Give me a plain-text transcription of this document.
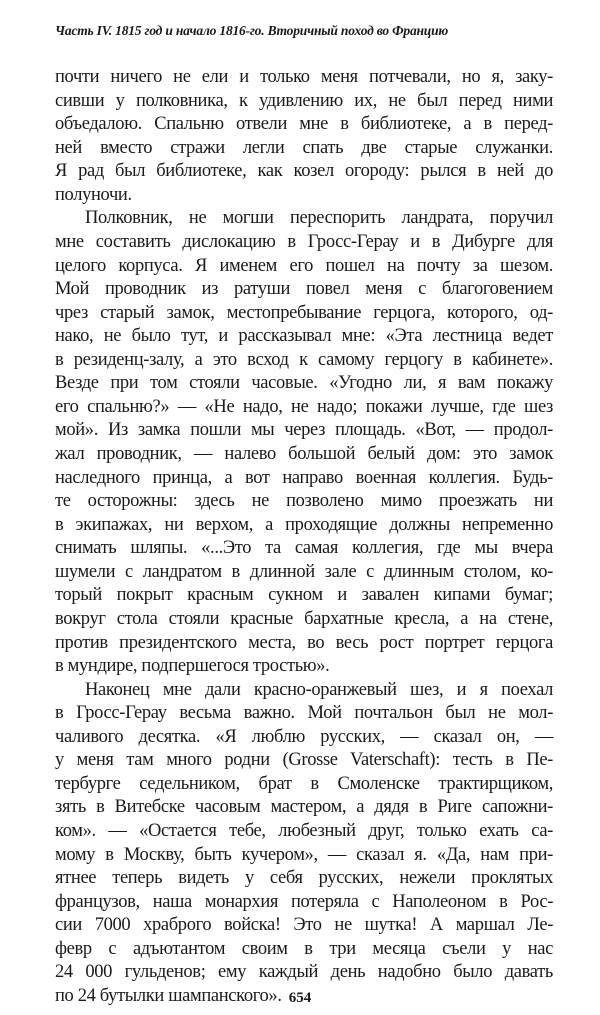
Часть IV. 1815 год и начало 1816-го. Вторичный поход во Францию
почти ничего не ели и только меня потчевали, но я, заку-
сивши у полковника, к удивлению их, не был перед ними
объедалою. Спальню отвели мне в библиотеке, а в перед-
ней вместо стражи легли спать две старые служанки.
Я рад был библиотеке, как козел огороду: рылся в ней до
полуночи.
Полковник, не могши переспорить ландрата, поручил
мне составить дислокацию в Гросс-Герау и в Дибурге для
целого корпуса. Я именем его пошел на почту за шезом.
Мой проводник из ратуши повел меня с благоговением
чрез старый замок, местопребывание герцога, которого, од-
нако, не было тут, и рассказывал мне: «Эта лестница ведет
в резиденц-залу, а это всход к самому герцогу в кабинете».
Везде при том стояли часовые. «Угодно ли, я вам покажу
его спальню?» — «Не надо, не надо; покажи лучше, где шез
мой». Из замка пошли мы через площадь. «Вот, — продол-
жал проводник, — налево большой белый дом: это замок
наследного принца, а вот направо военная коллегия. Будь-
те осторожны: здесь не позволено мимо проезжать ни
в экипажах, ни верхом, а проходящие должны непременно
снимать шляпы. «...Это та самая коллегия, где мы вчера
шумели с ландратом в длинной зале с длинным столом, ко-
торый покрыт красным сукном и завален кипами бумаг;
вокруг стола стояли красные бархатные кресла, а на стене,
против президентского места, во весь рост портрет герцога
в мундире, подпершегося тростью».
Наконец мне дали красно-оранжевый шез, и я поехал
в Гросс-Герау весьма важно. Мой почтальон был не мол-
чаливого десятка. «Я люблю русских, — сказал он, —
у меня там много родни (Grosse Vaterschaft): тесть в Пе-
тербурге седельником, брат в Смоленске трактирщиком,
зять в Витебске часовым мастером, а дядя в Риге сапожни-
ком». — «Остается тебе, любезный друг, только ехать са-
мому в Москву, быть кучером», — сказал я. «Да, нам при-
ятнее теперь видеть у себя русских, нежели проклятых
французов, наша монархия потеряла с Наполеоном в Рос-
сии 7000 храброго войска! Это не шутка! А маршал Ле-
февр с адъютантом своим в три месяца съели у нас
24 000 гульденов; ему каждый день надобно было давать
по 24 бутылки шампанского». 654
